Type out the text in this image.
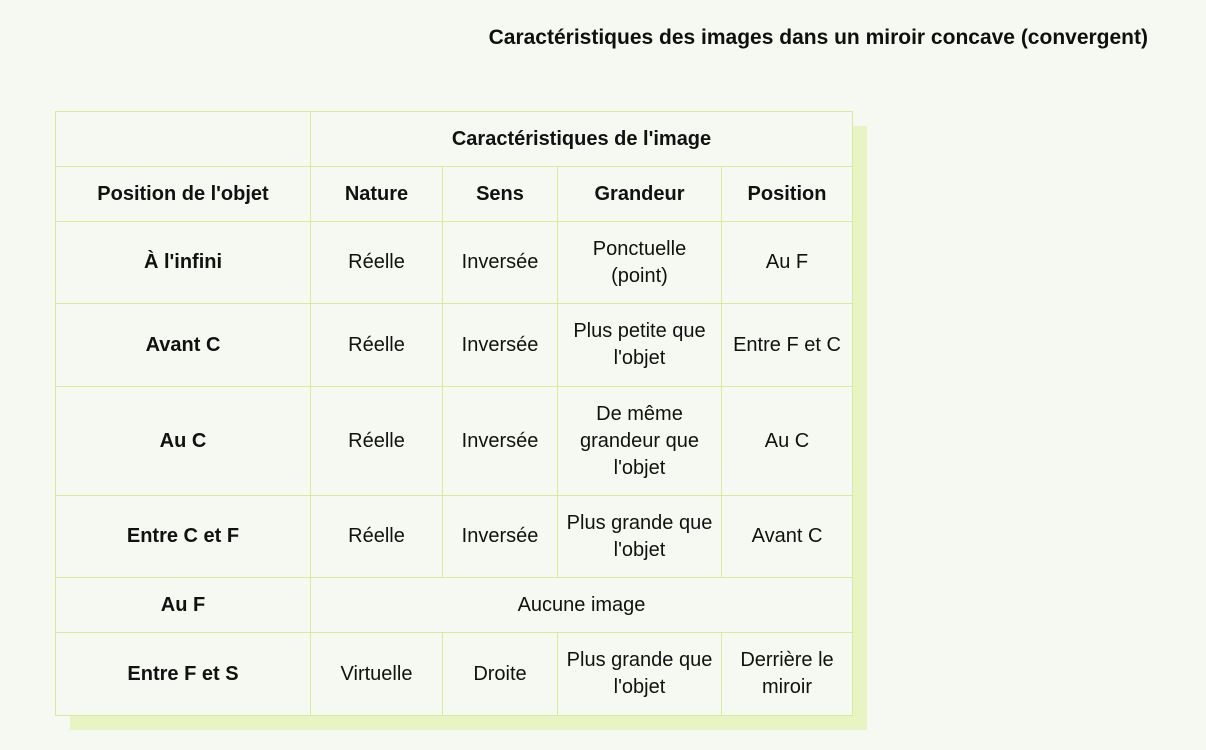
Caractéristiques des images dans un miroir concave (convergent)
	Caractéristiques de l'image			
Position de l'objet	Nature	Sens	Grandeur	Position
À l'infini	Réelle	Inversée	Ponctuelle (point)	Au F
Avant C	Réelle	Inversée	Plus petite que l'objet	Entre F et C
Au C	Réelle	Inversée	De même grandeur que l'objet	Au C
Entre C et F	Réelle	Inversée	Plus grande que l'objet	Avant C
Au F	Aucune image			
Entre F et S	Virtuelle	Droite	Plus grande que l'objet	Derrière le miroir
